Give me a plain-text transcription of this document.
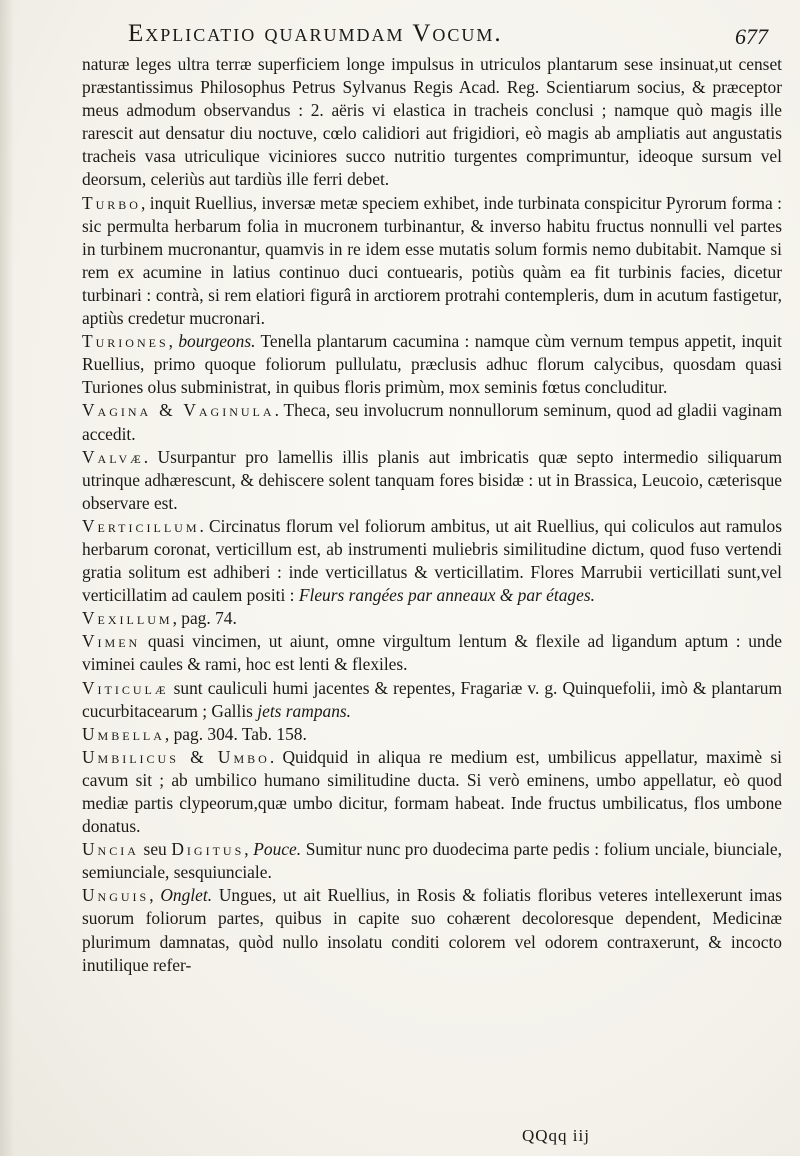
Explicatio quarumdam Vocum.	677

naturæ leges ultra terræ superficiem longe impulsus in utriculos plantarum sese insinuat,ut censet præstantissimus Philosophus Petrus Sylvanus Regis Acad. Reg. Scientiarum socius, & præceptor meus admodum observandus : 2. aëris vi elastica in tracheis conclusi ; namque quò magis ille rarescit aut densatur diu noctuve, cœlo calidiori aut frigidiori, eò magis ab ampliatis aut angustatis tracheis vasa utriculique viciniores succo nutritio turgentes comprimuntur, ideoque sursum vel deorsum, celeriùs aut tardiùs ille ferri debet.

Turbo, inquit Ruellius, inversæ metæ speciem exhibet, inde turbinata conspicitur Pyrorum forma : sic permulta herbarum folia in mucronem turbinantur, & inverso habitu fructus nonnulli vel partes in turbinem mucronantur, quamvis in re idem esse mutatis solum formis nemo dubitabit. Namque si rem ex acumine in latius continuo duci contuearis, potiùs quàm ea fit turbinis facies, dicetur turbinari : contrà, si rem elatiori figurâ in arctiorem protrahi contempleris, dum in acutum fastigetur, aptiùs credetur mucronari.

Turiones, bourgeons. Tenella plantarum cacumina : namque cùm vernum tempus appetit, inquit Ruellius, primo quoque foliorum pullulatu, præclusis adhuc florum calycibus, quosdam quasi Turiones olus subministrat, in quibus floris primùm, mox seminis fœtus concluditur.

Vagina & Vaginula. Theca, seu involucrum nonnullorum seminum, quod ad gladii vaginam accedit.

Valvæ. Usurpantur pro lamellis illis planis aut imbricatis quæ septo intermedio siliquarum utrinque adhærescunt, & dehiscere solent tanquam fores bisidæ : ut in Brassica, Leucoio, cæterisque observare est.

Verticillum. Circinatus florum vel foliorum ambitus, ut ait Ruellius, qui coliculos aut ramulos herbarum coronat, verticillum est, ab instrumenti muliebris similitudine dictum, quod fuso vertendi gratia solitum est adhiberi : inde verticillatus & verticillatim. Flores Marrubii verticillati sunt,vel verticillatim ad caulem positi : Fleurs rangées par anneaux & par étages.

Vexillum, pag. 74.

Vimen quasi vincimen, ut aiunt, omne virgultum lentum & flexile ad ligandum aptum : unde viminei caules & rami, hoc est lenti & flexiles.

Viticulæ sunt cauliculi humi jacentes & repentes, Fragariæ v. g. Quinquefolii, imò & plantarum cucurbitacearum ; Gallis jets rampans.

Umbella, pag. 304. Tab. 158.

Umbilicus & Umbo. Quidquid in aliqua re medium est, umbilicus appellatur, maximè si cavum sit ; ab umbilico humano similitudine ducta. Si verò eminens, umbo appellatur, eò quod mediæ partis clypeorum,quæ umbo dicitur, formam habeat. Inde fructus umbilicatus, flos umbone donatus.

Uncia seu Digitus, Pouce. Sumitur nunc pro duodecima parte pedis : folium unciale, biunciale, semiunciale, sesquiunciale.

Unguis, Onglet. Ungues, ut ait Ruellius, in Rosis & foliatis floribus veteres intellexerunt imas suorum foliorum partes, quibus in capite suo cohærent decoloresque dependent, Medicinæ plurimum damnatas, quòd nullo insolatu conditi colorem vel odorem contraxerunt, & incocto inutilique refer-

QQqq iij
